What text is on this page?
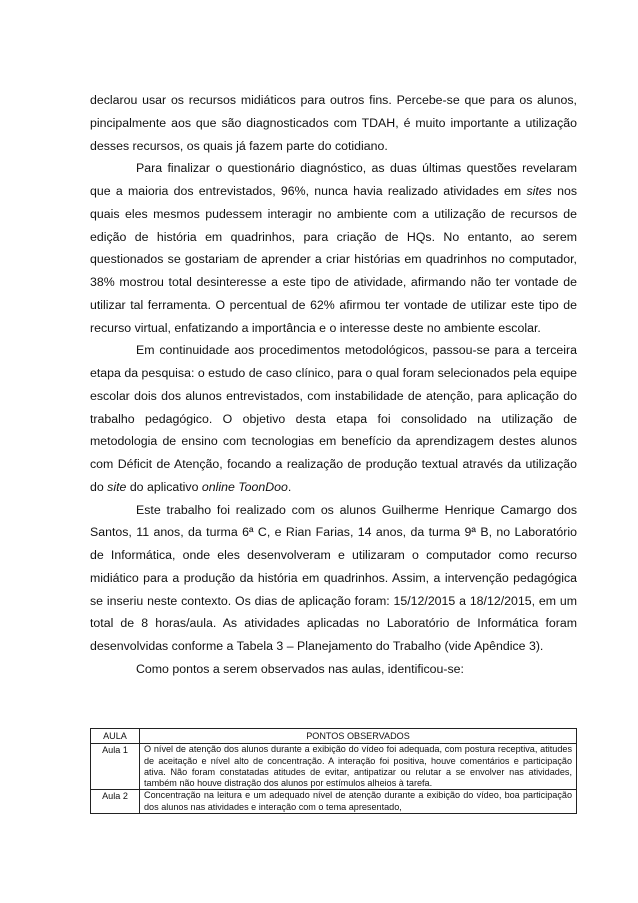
declarou usar os recursos midiáticos para outros fins. Percebe-se que para os alunos, pincipalmente aos que são diagnosticados com TDAH, é muito importante a utilização desses recursos, os quais já fazem parte do cotidiano.

Para finalizar o questionário diagnóstico, as duas últimas questões revelaram que a maioria dos entrevistados, 96%, nunca havia realizado atividades em sites nos quais eles mesmos pudessem interagir no ambiente com a utilização de recursos de edição de história em quadrinhos, para criação de HQs. No entanto, ao serem questionados se gostariam de aprender a criar histórias em quadrinhos no computador, 38% mostrou total desinteresse a este tipo de atividade, afirmando não ter vontade de utilizar tal ferramenta. O percentual de 62% afirmou ter vontade de utilizar este tipo de recurso virtual, enfatizando a importância e o interesse deste no ambiente escolar.

Em continuidade aos procedimentos metodológicos, passou-se para a terceira etapa da pesquisa: o estudo de caso clínico, para o qual foram selecionados pela equipe escolar dois dos alunos entrevistados, com instabilidade de atenção, para aplicação do trabalho pedagógico. O objetivo desta etapa foi consolidado na utilização de metodologia de ensino com tecnologias em benefício da aprendizagem destes alunos com Déficit de Atenção, focando a realização de produção textual através da utilização do site do aplicativo online ToonDoo.

Este trabalho foi realizado com os alunos Guilherme Henrique Camargo dos Santos, 11 anos, da turma 6ª C, e Rian Farias, 14 anos, da turma 9ª B, no Laboratório de Informática, onde eles desenvolveram e utilizaram o computador como recurso midiático para a produção da história em quadrinhos. Assim, a intervenção pedagógica se inseriu neste contexto. Os dias de aplicação foram: 15/12/2015 a 18/12/2015, em um total de 8 horas/aula. As atividades aplicadas no Laboratório de Informática foram desenvolvidas conforme a Tabela 3 – Planejamento do Trabalho (vide Apêndice 3).

Como pontos a serem observados nas aulas, identificou-se:

AULA	PONTOS OBSERVADOS
Aula 1	O nível de atenção dos alunos durante a exibição do vídeo foi adequada, com postura receptiva, atitudes de aceitação e nível alto de concentração. A interação foi positiva, houve comentários e participação ativa. Não foram constatadas atitudes de evitar, antipatizar ou relutar a se envolver nas atividades, também não houve distração dos alunos por estímulos alheios à tarefa.
Aula 2	Concentração na leitura e um adequado nível de atenção durante a exibição do vídeo, boa participação dos alunos nas atividades e interação com o tema apresentado,
